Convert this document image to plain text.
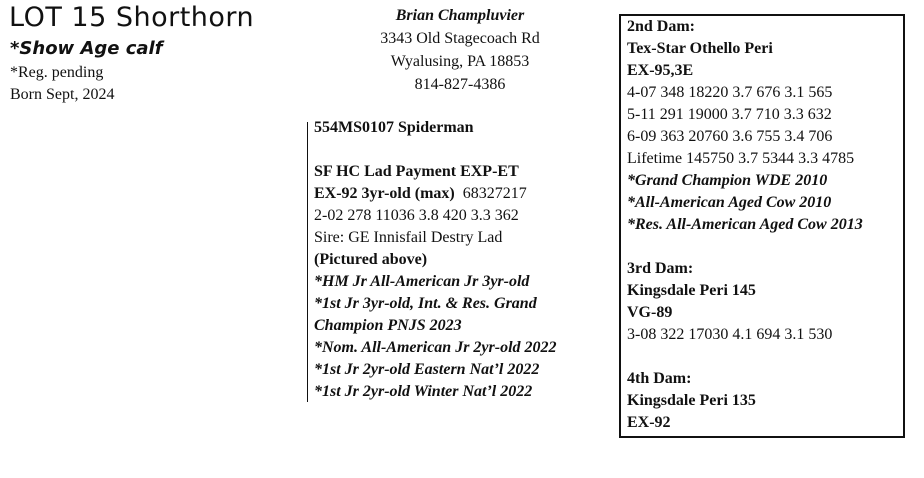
LOT 15 Shorthorn
*Show Age calf
*Reg. pending
Born Sept, 2024
Brian Champluvier
3343 Old Stagecoach Rd
Wyalusing, PA 18853
814-827-4386
554MS0107 Spiderman
SF HC Lad Payment EXP-ET
EX-92 3yr-old (max) 68327217
2-02 278 11036 3.8 420 3.3 362
Sire: GE Innisfail Destry Lad
(Pictured above)
*HM Jr All-American Jr 3yr-old
*1st Jr 3yr-old, Int. & Res. Grand
Champion PNJS 2023
*Nom. All-American Jr 2yr-old 2022
*1st Jr 2yr-old Eastern Nat’l 2022
*1st Jr 2yr-old Winter Nat’l 2022
2nd Dam:
Tex-Star Othello Peri
EX-95,3E
4-07 348 18220 3.7 676 3.1 565
5-11 291 19000 3.7 710 3.3 632
6-09 363 20760 3.6 755 3.4 706
Lifetime 145750 3.7 5344 3.3 4785
*Grand Champion WDE 2010
*All-American Aged Cow 2010
*Res. All-American Aged Cow 2013
3rd Dam:
Kingsdale Peri 145
VG-89
3-08 322 17030 4.1 694 3.1 530
4th Dam:
Kingsdale Peri 135
EX-92
